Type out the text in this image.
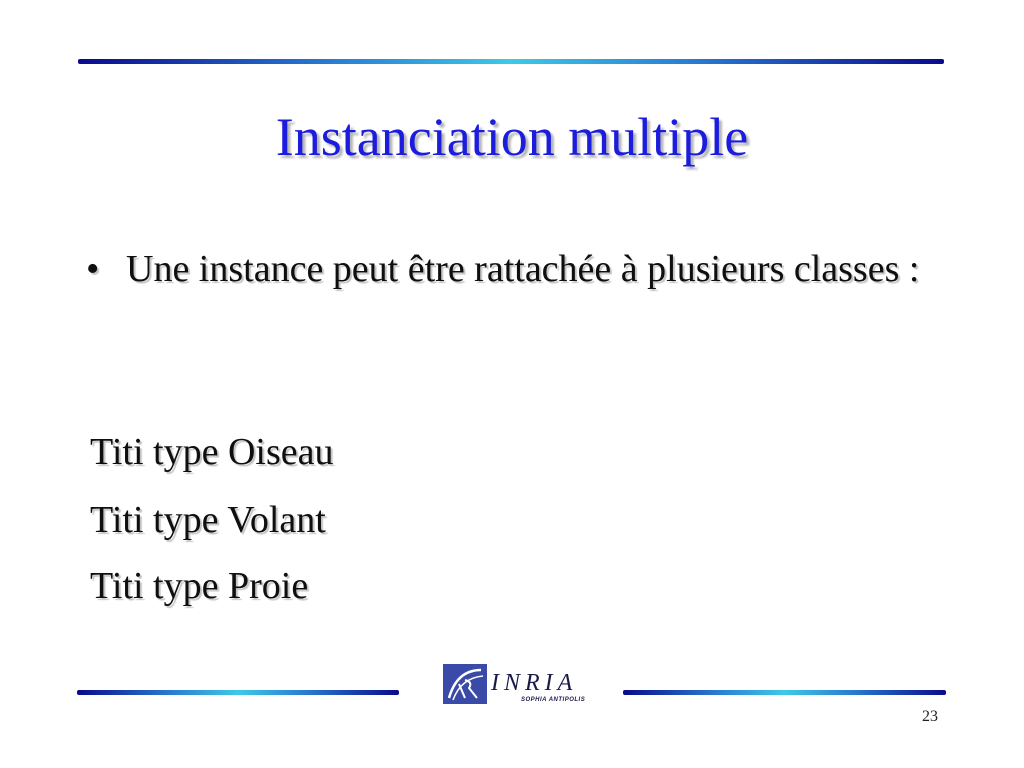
Instanciation multiple
• Une instance peut être rattachée à plusieurs classes :
Titi type Oiseau
Titi type Volant
Titi type Proie
INRIA
SOPHIA ANTIPOLIS
23
